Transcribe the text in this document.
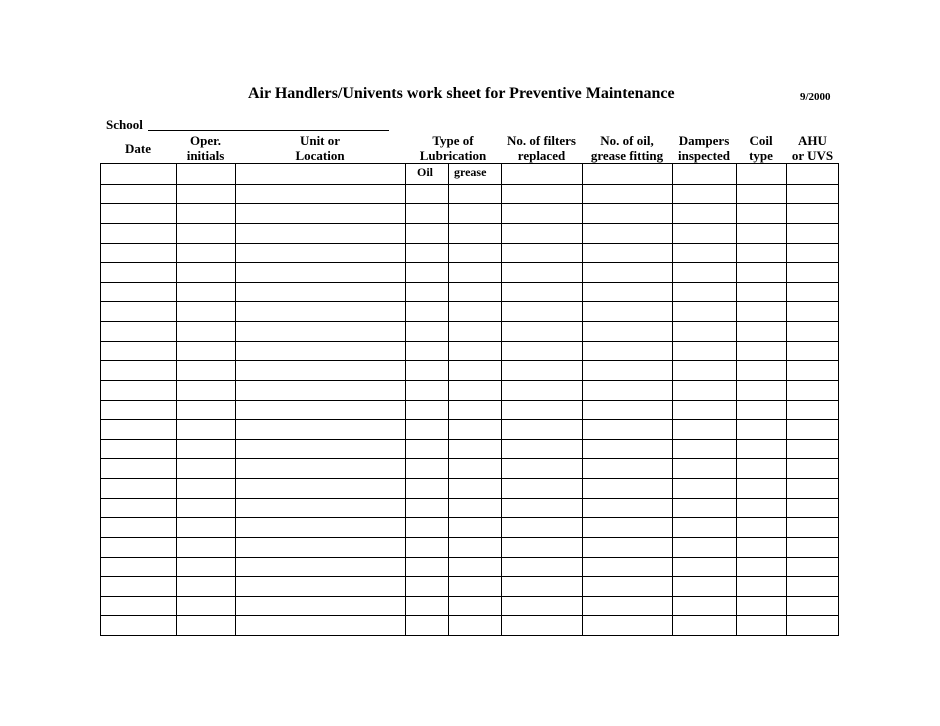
Air Handlers/Univents work sheet for Preventive Maintenance	9/2000
School
Date
Oper.
initials
Unit or
Location
Type of
Lubrication
No. of filters
replaced
No. of oil,
grease fitting
Dampers
inspected
Coil
type
AHU
or UVS
Oil grease
